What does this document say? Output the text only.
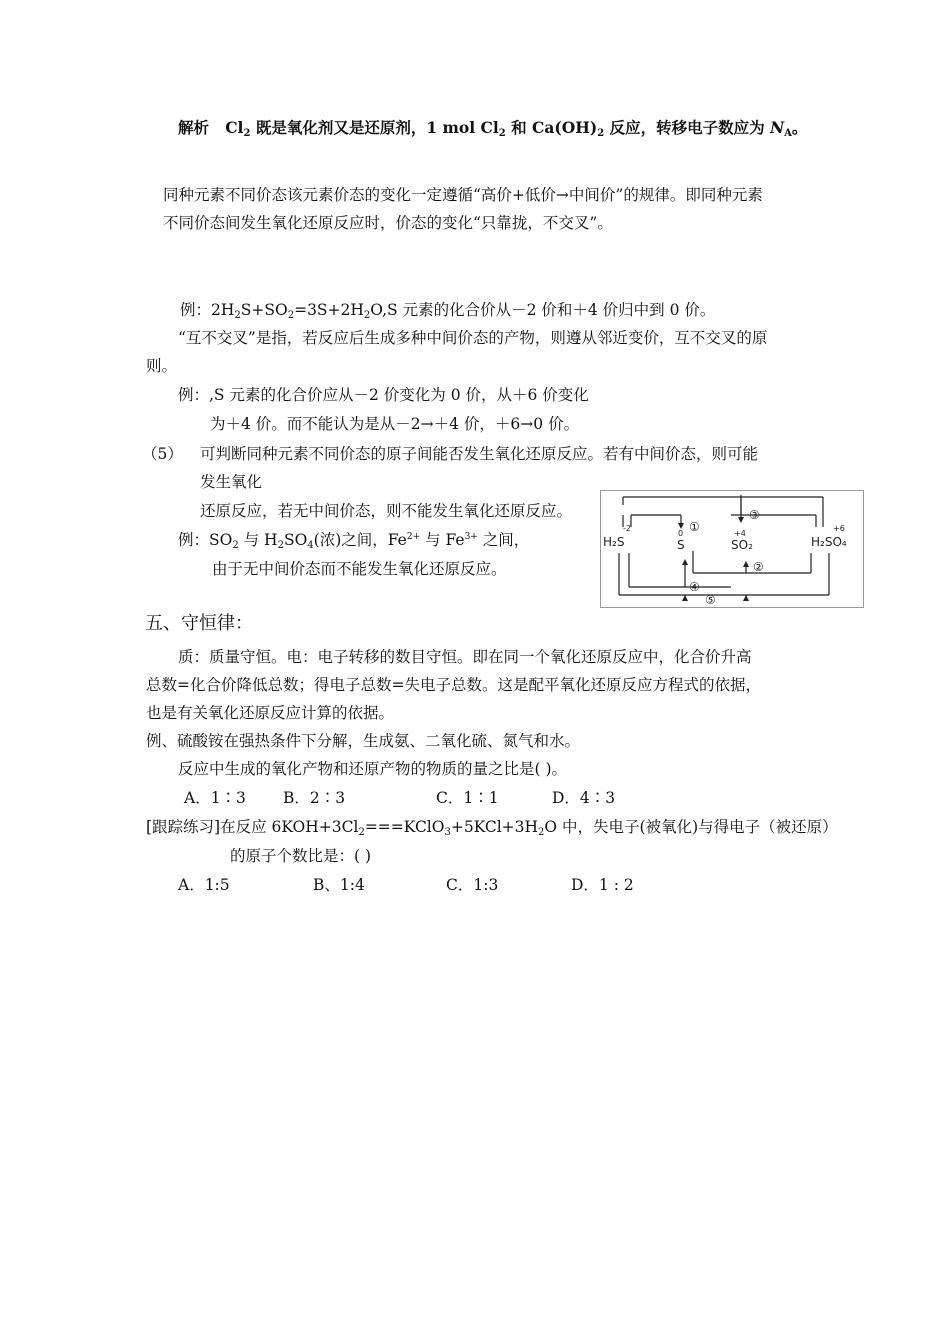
解析 $Cl_2$ 既是氧化剂又是还原剂，1 mol $Cl_2$ 和 $Ca(OH)_2$ 反应，转移电子数应为 $N_A$。
同种元素不同价态该元素价态的变化一定遵循“高价+低价→中间价”的规律。即同种元素
不同价态间发生氧化还原反应时，价态的变化“只靠拢，不交叉”。
例：$2H_2S+SO_2=3S+2H_2O,S$ 元素的化合价从－2 价和＋4 价归中到 0 价。
“互不交叉”是指，若反应后生成多种中间价态的产物，则遵从邻近变价，互不交叉的原
则。
例：,S 元素的化合价应从－2 价变化为 0 价，从＋6 价变化
为＋4 价。而不能认为是从－2→＋4 价，＋6→0 价。
（5） 可判断同种元素不同价态的原子间能否发生氧化还原反应。若有中间价态，则可能
发生氧化
还原反应，若无中间价态，则不能发生氧化还原反应。
例：$SO_2$ 与 $H_2SO_4$(浓)之间，$Fe^{2+}$ 与 $Fe^{3+}$ 之间，
由于无中间价态而不能发生氧化还原反应。
H₂S
-2
S
0
SO₂
+4
H₂SO₄
+6
①
②
③
④
⑤
五、守恒律：
质：质量守恒。电：电子转移的数目守恒。即在同一个氧化还原反应中，化合价升高
总数=化合价降低总数；得电子总数=失电子总数。这是配平氧化还原反应方程式的依据，
也是有关氧化还原反应计算的依据。
例、硫酸铵在强热条件下分解，生成氨、二氧化硫、氮气和水。
反应中生成的氧化产物和还原产物的物质的量之比是( )。
A．1∶3 B．2∶3	C．1∶1	D．4∶3
[跟踪练习]在反应 $6KOH+3Cl_2===KClO_3+5KCl+3H_2O$ 中，失电子(被氧化)与得电子（被还原）
的原子个数比是：( )
A．1:5	B、1:4	C．1:3	D．1 : 2
